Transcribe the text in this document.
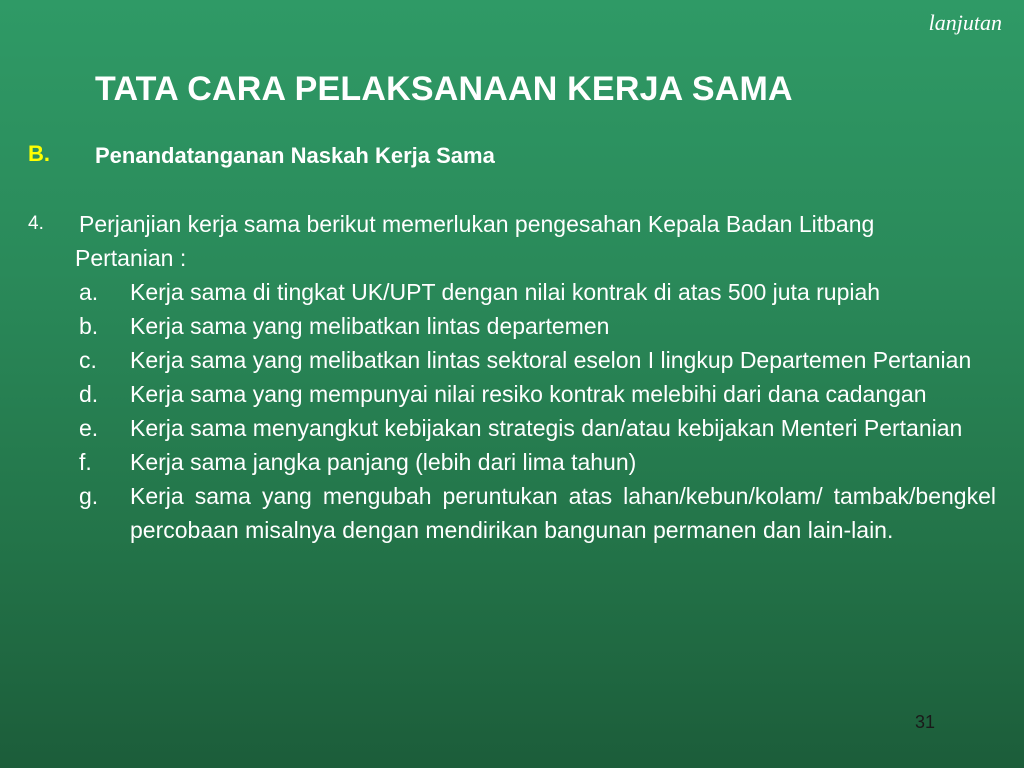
lanjutan
TATA CARA PELAKSANAAN KERJA SAMA
B. Penandatanganan Naskah Kerja Sama
31
4. Perjanjian kerja sama berikut memerlukan pengesahan Kepala Badan Litbang
Pertanian :
a. Kerja sama di tingkat UK/UPT dengan nilai kontrak di atas 500 juta rupiah
b. Kerja sama yang melibatkan lintas departemen
c. Kerja sama yang melibatkan lintas sektoral eselon I lingkup Departemen Pertanian
d. Kerja sama yang mempunyai nilai resiko kontrak melebihi dari dana cadangan
e. Kerja sama menyangkut kebijakan strategis dan/atau kebijakan Menteri Pertanian
f. Kerja sama jangka panjang (lebih dari lima tahun)
g. Kerja sama yang mengubah peruntukan atas lahan/kebun/kolam/ tambak/bengkel percobaan misalnya dengan mendirikan bangunan permanen dan lain-lain.
